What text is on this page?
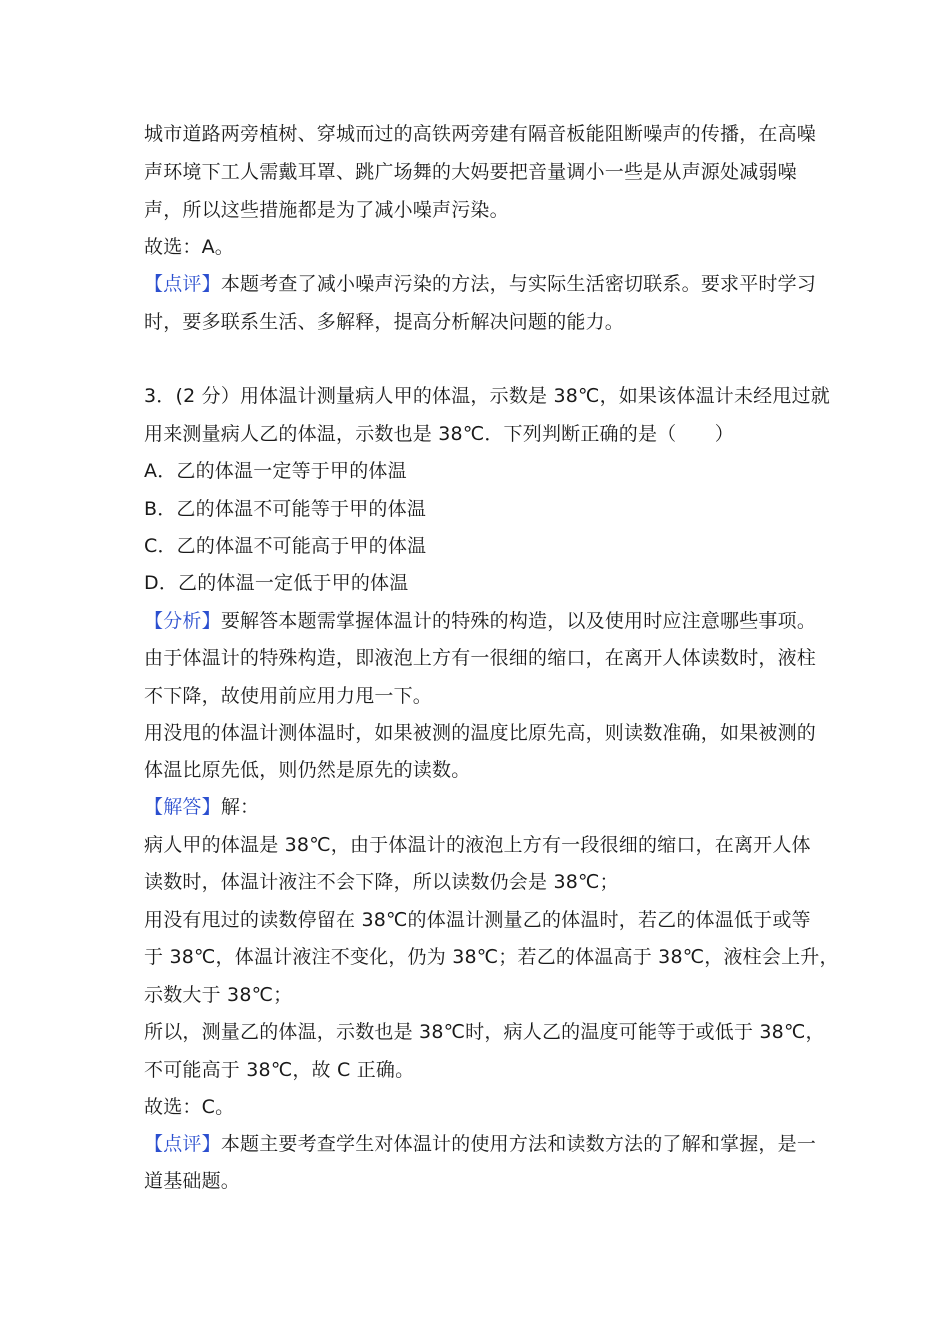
城市道路两旁植树、穿城而过的高铁两旁建有隔音板能阻断噪声的传播，在高噪
声环境下工人需戴耳罩、跳广场舞的大妈要把音量调小一些是从声源处减弱噪
声，所以这些措施都是为了减小噪声污染。
故选：A。
【点评】本题考查了减小噪声污染的方法，与实际生活密切联系。要求平时学习
时，要多联系生活、多解释，提高分析解决问题的能力。
3．(2 分）用体温计测量病人甲的体温，示数是 38℃，如果该体温计未经甩过就
用来测量病人乙的体温，示数也是 38℃．下列判断正确的是（　　）
A．乙的体温一定等于甲的体温
B．乙的体温不可能等于甲的体温
C．乙的体温不可能高于甲的体温
D．乙的体温一定低于甲的体温
【分析】要解答本题需掌握体温计的特殊的构造，以及使用时应注意哪些事项。
由于体温计的特殊构造，即液泡上方有一很细的缩口，在离开人体读数时，液柱
不下降，故使用前应用力甩一下。
用没甩的体温计测体温时，如果被测的温度比原先高，则读数准确，如果被测的
体温比原先低，则仍然是原先的读数。
【解答】解：
病人甲的体温是 38℃，由于体温计的液泡上方有一段很细的缩口，在离开人体
读数时，体温计液注不会下降，所以读数仍会是 38℃；
用没有甩过的读数停留在 38℃的体温计测量乙的体温时，若乙的体温低于或等
于 38℃，体温计液注不变化，仍为 38℃；若乙的体温高于 38℃，液柱会上升，
示数大于 38℃；
所以，测量乙的体温，示数也是 38℃时，病人乙的温度可能等于或低于 38℃，
不可能高于 38℃，故 C 正确。
故选：C。
【点评】本题主要考查学生对体温计的使用方法和读数方法的了解和掌握，是一
道基础题。
